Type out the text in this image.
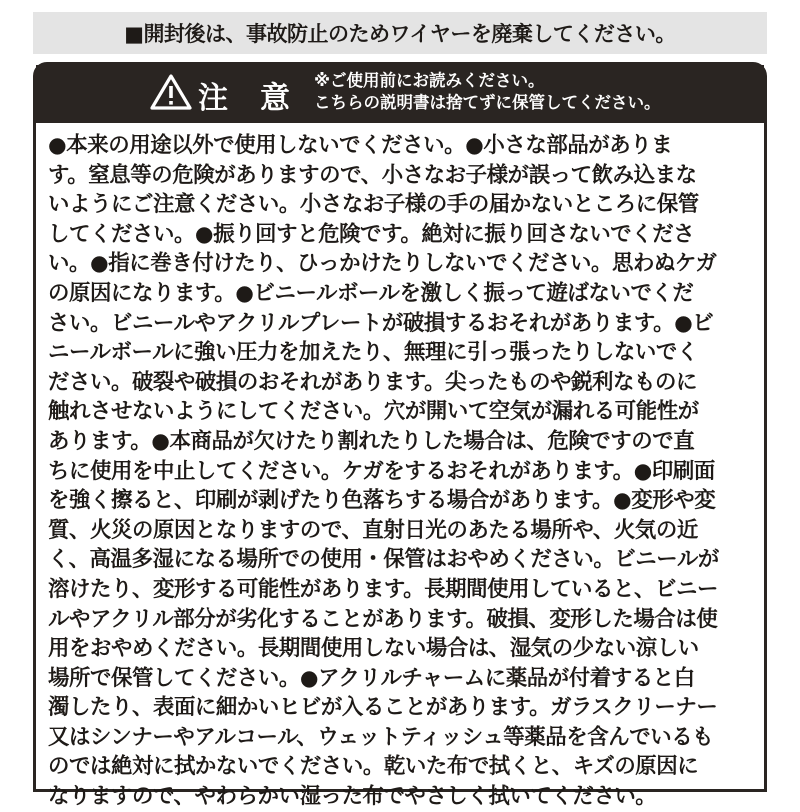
■開封後は、事故防止のためワイヤーを廃棄してください。
注意
※ご使用前にお読みください。
こちらの説明書は捨てずに保管してください。
●本来の用途以外で使用しないでください。●小さな部品がありま
す。窒息等の危険がありますので、小さなお子様が誤って飲み込まな
いようにご注意ください。小さなお子様の手の届かないところに保管
してください。●振り回すと危険です。絶対に振り回さないでくださ
い。●指に巻き付けたり、ひっかけたりしないでください。思わぬケガ
の原因になります。●ビニールボールを激しく振って遊ばないでくだ
さい。ビニールやアクリルプレートが破損するおそれがあります。●ビ
ニールボールに強い圧力を加えたり、無理に引っ張ったりしないでく
ださい。破裂や破損のおそれがあります。尖ったものや鋭利なものに
触れさせないようにしてください。穴が開いて空気が漏れる可能性が
あります。●本商品が欠けたり割れたりした場合は、危険ですので直
ちに使用を中止してください。ケガをするおそれがあります。●印刷面
を強く擦ると、印刷が剥げたり色落ちする場合があります。●変形や変
質、火災の原因となりますので、直射日光のあたる場所や、火気の近
く、高温多湿になる場所での使用・保管はおやめください。ビニールが
溶けたり、変形する可能性があります。長期間使用していると、ビニー
ルやアクリル部分が劣化することがあります。破損、変形した場合は使
用をおやめください。長期間使用しない場合は、湿気の少ない涼しい
場所で保管してください。●アクリルチャームに薬品が付着すると白
濁したり、表面に細かいヒビが入ることがあります。ガラスクリーナー
又はシンナーやアルコール、ウェットティッシュ等薬品を含んでいるも
のでは絶対に拭かないでください。乾いた布で拭くと、キズの原因に
なりますので、やわらかい湿った布でやさしく拭いてください。
